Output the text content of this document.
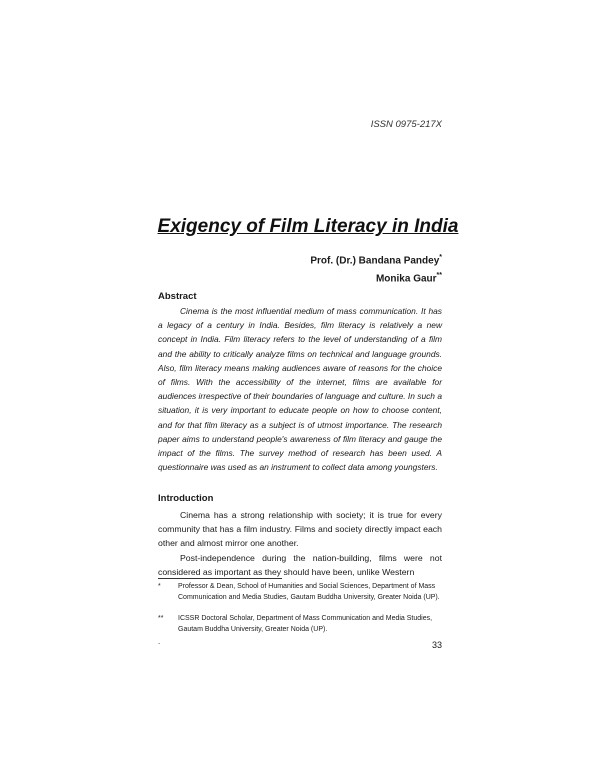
ISSN 0975-217X
Exigency of Film Literacy in India
Prof. (Dr.) Bandana Pandey*
Monika Gaur**
Abstract

Cinema is the most influential medium of mass communication. It has a legacy of a century in India. Besides, film literacy is relatively a new concept in India. Film literacy refers to the level of understanding of a film and the ability to critically analyze films on technical and language grounds. Also, film literacy means making audiences aware of reasons for the choice of films. With the accessibility of the internet, films are available for audiences irrespective of their boundaries of language and culture. In such a situation, it is very important to educate people on how to choose content, and for that film literacy as a subject is of utmost importance. The research paper aims to understand people's awareness of film literacy and gauge the impact of the films. The survey method of research has been used. A questionnaire was used as an instrument to collect data among youngsters.

Introduction

Cinema has a strong relationship with society; it is true for every community that has a film industry. Films and society directly impact each other and almost mirror one another.

Post-independence during the nation-building, films were not considered as important as they should have been, unlike Western

* Professor & Dean, School of Humanities and Social Sciences, Department of Mass Communication and Media Studies, Gautam Buddha University, Greater Noida (UP).
** ICSSR Doctoral Scholar, Department of Mass Communication and Media Studies, Gautam Buddha University, Greater Noida (UP).
.	33
